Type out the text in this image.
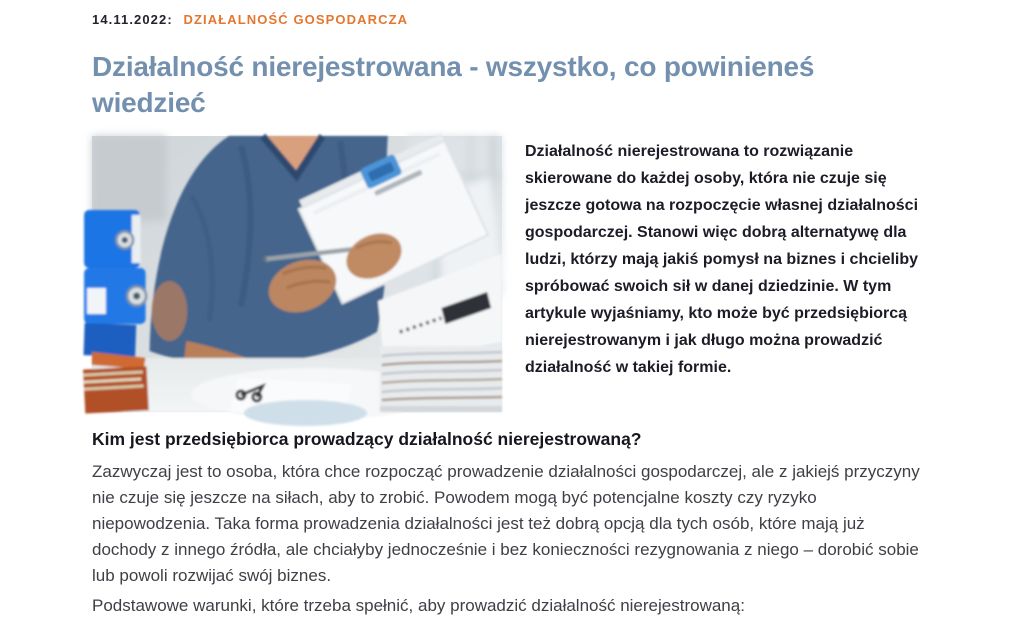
14.11.2022: DZIAŁALNOŚĆ GOSPODARCZA
Działalność nierejestrowana - wszystko, co powinieneś wiedzieć

Działalność nierejestrowana to rozwiązanie skierowane do każdej osoby, która nie czuje się jeszcze gotowa na rozpoczęcie własnej działalności gospodarczej. Stanowi więc dobrą alternatywę dla ludzi, którzy mają jakiś pomysł na biznes i chcieliby spróbować swoich sił w danej dziedzinie. W tym artykule wyjaśniamy, kto może być przedsiębiorcą nierejestrowanym i jak długo można prowadzić działalność w takiej formie.

Kim jest przedsiębiorca prowadzący działalność nierejestrowaną?

Zazwyczaj jest to osoba, która chce rozpocząć prowadzenie działalności gospodarczej, ale z jakiejś przyczyny nie czuje się jeszcze na siłach, aby to zrobić. Powodem mogą być potencjalne koszty czy ryzyko niepowodzenia. Taka forma prowadzenia działalności jest też dobrą opcją dla tych osób, które mają już dochody z innego źródła, ale chciałyby jednocześnie i bez konieczności rezygnowania z niego – dorobić sobie lub powoli rozwijać swój biznes.

Podstawowe warunki, które trzeba spełnić, aby prowadzić działalność nierejestrowaną:
